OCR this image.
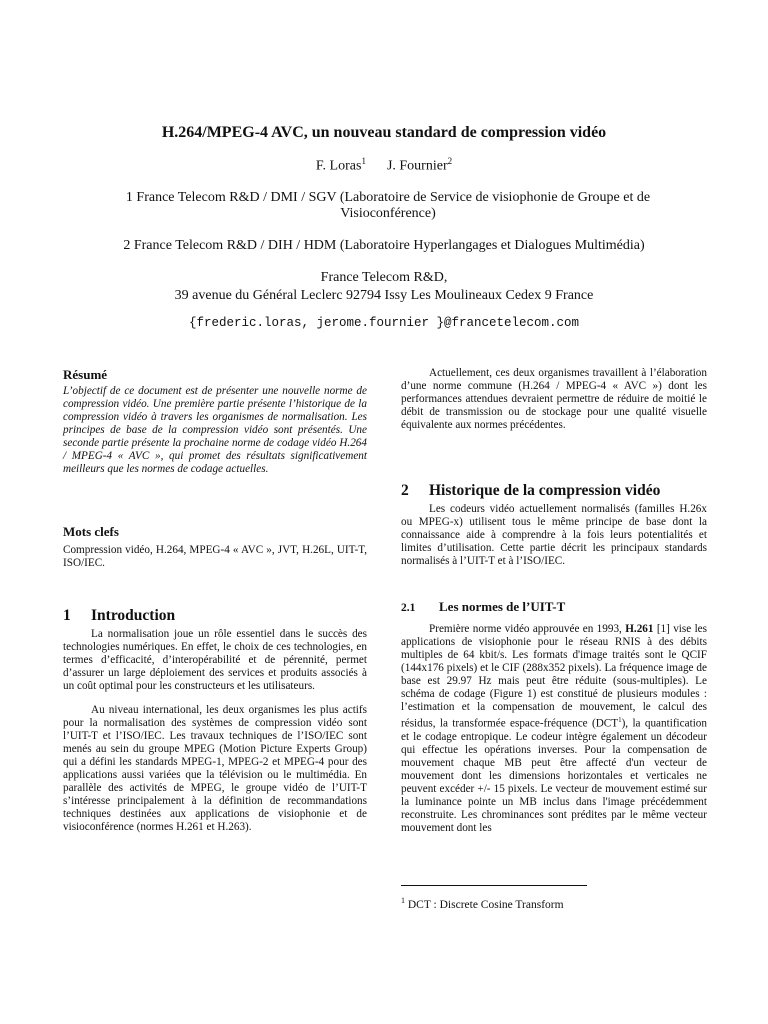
H.264/MPEG-4 AVC, un nouveau standard de compression vidéo
F. Loras$^1$ J. Fournier$^2$
1 France Telecom R&D / DMI / SGV (Laboratoire de Service de visiophonie de Groupe et de Visioconférence)
2 France Telecom R&D / DIH / HDM (Laboratoire Hyperlangages et Dialogues Multimédia)
France Telecom R&D,
39 avenue du Général Leclerc 92794 Issy Les Moulineaux Cedex 9 France
{frederic.loras, jerome.fournier }@francetelecom.com
Résumé

L’objectif de ce document est de présenter une nouvelle norme de compression vidéo. Une première partie présente l’historique de la compression vidéo à travers les organismes de normalisation. Les principes de base de la compression vidéo sont présentés. Une seconde partie présente la prochaine norme de codage vidéo H.264 / MPEG-4 « AVC », qui promet des résultats significativement meilleurs que les normes de codage actuelles.

Mots clefs

Compression vidéo, H.264, MPEG-4 « AVC », JVT, H.26L, UIT-T, ISO/IEC.

1 Introduction

La normalisation joue un rôle essentiel dans le succès des technologies numériques. En effet, le choix de ces technologies, en termes d’efficacité, d’interopérabilité et de pérennité, permet d’assurer un large déploiement des services et produits associés à un coût optimal pour les constructeurs et les utilisateurs.

Au niveau international, les deux organismes les plus actifs pour la normalisation des systèmes de compression vidéo sont l’UIT-T et l’ISO/IEC. Les travaux techniques de l’ISO/IEC sont menés au sein du groupe MPEG (Motion Picture Experts Group) qui a défini les standards MPEG-1, MPEG-2 et MPEG-4 pour des applications aussi variées que la télévision ou le multimédia. En parallèle des activités de MPEG, le groupe vidéo de l’UIT-T s’intéresse principalement à la définition de recommandations techniques destinées aux applications de visiophonie et de visioconférence (normes H.261 et H.263).

Actuellement, ces deux organismes travaillent à l’élaboration d’une norme commune (H.264 / MPEG-4 « AVC ») dont les performances attendues devraient permettre de réduire de moitié le débit de transmission ou de stockage pour une qualité visuelle équivalente aux normes précédentes.

2 Historique de la compression vidéo

Les codeurs vidéo actuellement normalisés (familles H.26x ou MPEG-x) utilisent tous le même principe de base dont la connaissance aide à comprendre à la fois leurs potentialités et limites d’utilisation. Cette partie décrit les principaux standards normalisés à l’UIT-T et à l’ISO/IEC.

2.1 Les normes de l’UIT-T

Première norme vidéo approuvée en 1993, H.261 [1] vise les applications de visiophonie pour le réseau RNIS à des débits multiples de 64 kbit/s. Les formats d'image traités sont le QCIF (144x176 pixels) et le CIF (288x352 pixels). La fréquence image de base est 29.97 Hz mais peut être réduite (sous-multiples). Le schéma de codage (Figure 1) est constitué de plusieurs modules : l’estimation et la compensation de mouvement, le calcul des résidus, la transformée espace-fréquence (DCT$^1$), la quantification et le codage entropique. Le codeur intègre également un décodeur qui effectue les opérations inverses. Pour la compensation de mouvement chaque MB peut être affecté d'un vecteur de mouvement dont les dimensions horizontales et verticales ne peuvent excéder +/- 15 pixels. Le vecteur de mouvement estimé sur la luminance pointe un MB inclus dans l'image précédemment reconstruite. Les chrominances sont prédites par le même vecteur mouvement dont les

$^1$ DCT : Discrete Cosine Transform
